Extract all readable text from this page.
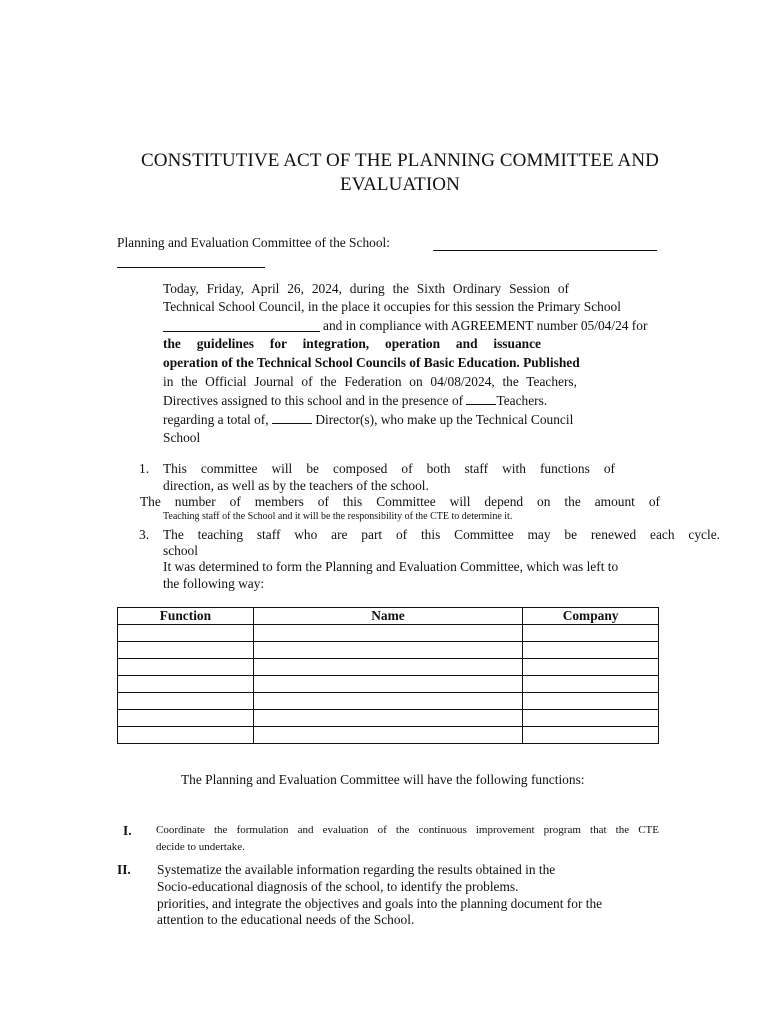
CONSTITUTIVE ACT OF THE PLANNING COMMITTEE AND
EVALUATION
Planning and Evaluation Committee of the School:
Today, Friday, April 26, 2024, during the Sixth Ordinary Session of
Technical School Council, in the place it occupies for this session the Primary School
and in compliance with AGREEMENT number 05/04/24 for
the guidelines for integration, operation and issuance
operation of the Technical School Councils of Basic Education. Published
in the Official Journal of the Federation on 04/08/2024, the Teachers,
Directives assigned to this school and in the presence of Teachers.
regarding a total of,	Director(s), who make up the Technical Council
School
1. This committee will be composed of both staff with functions of
direction, as well as by the teachers of the school.
The number of members of this Committee will depend on the amount of
Teaching staff of the School and it will be the responsibility of the CTE to determine it.
3. The teaching staff who are part of this Committee may be renewed each cycle.
school
It was determined to form the Planning and Evaluation Committee, which was left to
the following way:
Function	Name	Company

The Planning and Evaluation Committee will have the following functions:
I. Coordinate the formulation and evaluation of the continuous improvement program that the CTE
decide to undertake.
II. Systematize the available information regarding the results obtained in the
Socio-educational diagnosis of the school, to identify the problems.
priorities, and integrate the objectives and goals into the planning document for the
attention to the educational needs of the School.
